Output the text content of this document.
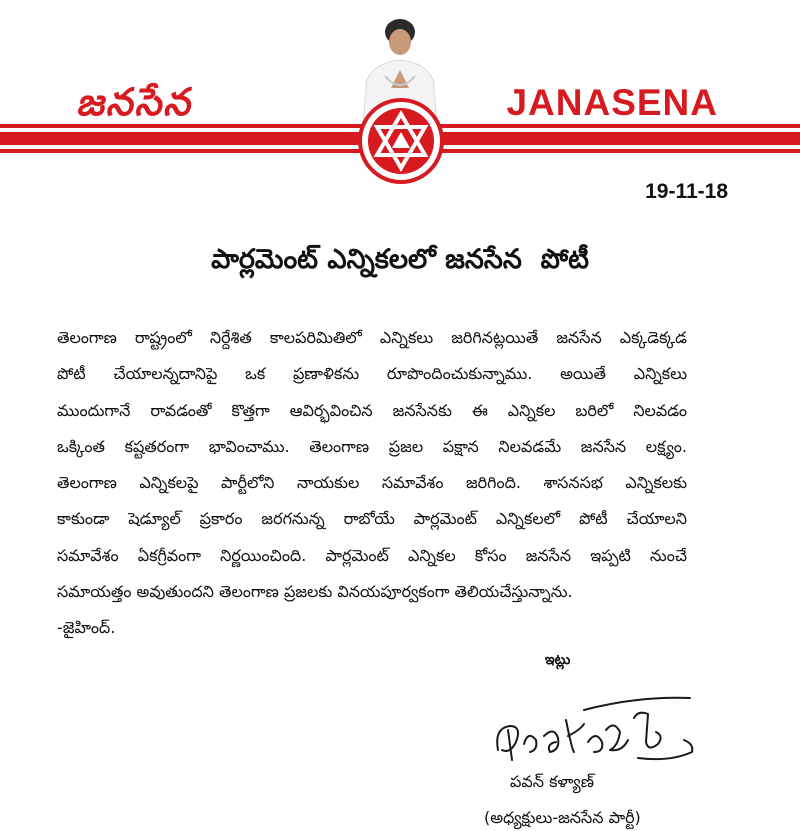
జనసేన	JANASENA
19-11-18
పార్లమెంట్ ఎన్నికలలో జనసేన  పోటీ
తెలంగాణ రాష్ట్రంలో నిర్దేశిత కాలపరిమితిలో ఎన్నికలు జరిగినట్లయితే జనసేన ఎక్కడెక్కడ
పోటీ చేయాలన్నదానిపై ఒక ప్రణాళికను రూపొందించుకున్నాము. అయితే ఎన్నికలు
ముందుగానే రావడంతో కొత్తగా ఆవిర్భవించిన జనసేనకు ఈ ఎన్నికల బరిలో నిలవడం
ఒక్కింత కష్టతరంగా భావించాము. తెలంగాణ ప్రజల పక్షాన నిలవడమే జనసేన లక్ష్యం.
తెలంగాణ ఎన్నికలపై పార్టీలోని నాయకుల సమావేశం జరిగింది. శాసనసభ ఎన్నికలకు
కాకుండా షెడ్యూల్ ప్రకారం జరగనున్న రాబోయే పార్లమెంట్ ఎన్నికలలో పోటీ చేయాలని
సమావేశం ఏకగ్రీవంగా నిర్ణయించింది. పార్లమెంట్ ఎన్నికల కోసం జనసేన ఇప్పటి నుంచే
సమాయత్తం అవుతుందని తెలంగాణ ప్రజలకు వినయపూర్వకంగా తెలియచేస్తున్నాను.
-జైహింద్.
ఇట్లు
పవన్ కళ్యాణ్
(అధ్యక్షులు-జనసేన పార్టీ)
